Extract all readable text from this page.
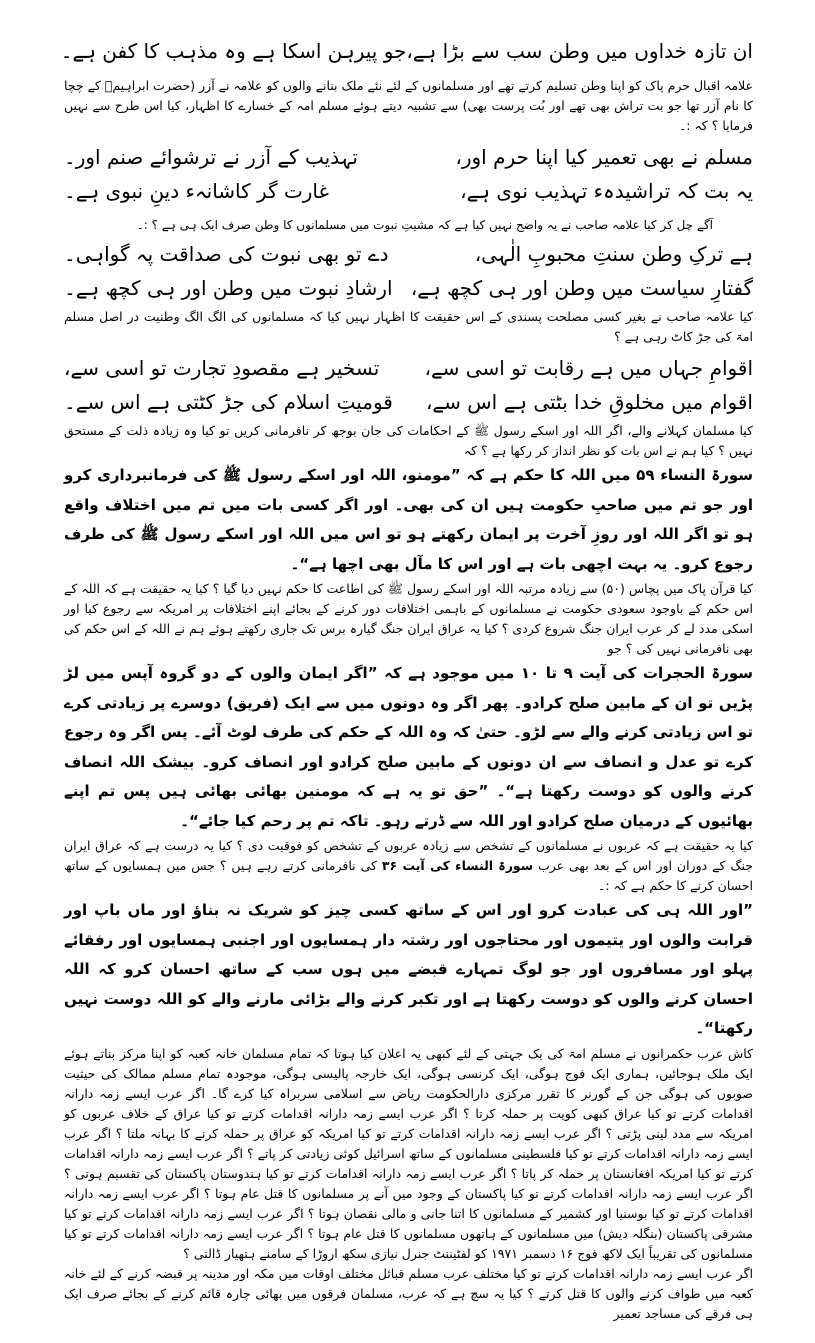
ان تازہ خداوں میں وطن سب سے بڑا ہے،
جو پیرہن اسکا ہے وہ مذہب کا کفن ہے۔

علامہ اقبال حرم پاک کو اپنا وطن تسلیم کرتے تھے اور مسلمانوں کے لئے نئے ملک بنانے والوں کو علامہ نے آزر (حضرت ابراہیمؑ کے چچا کا نام آزر تھا جو بت تراش بھی تھے اور بُت پرست بھی) سے تشبیہ دیتے ہوئے مسلم امہ کے خسارے کا اظہار، کیا اس طرح سے نہیں فرمایا ؟ کہ :۔

مسلم نے بھی تعمیر کیا اپنا حرم اور،
تہذیب کے آزر نے ترشوائے صنم اور۔
یہ بت کہ تراشیدہء تہذیب نوی ہے،
غارت گر کاشانہء دینِ نبوی ہے۔

آگے چل کر کیا علامہ صاحب نے یہ واضح نہیں کیا ہے کہ مشیتِ نبوت میں مسلمانوں کا وطن صرف ایک ہی ہے ؟ :۔

ہے ترکِ وطن سنتِ محبوبِ الٰہی،
دے تو بھی نبوت کی صداقت پہ گواہی۔
گفتارِ سیاست میں وطن اور ہی کچھ ہے،
ارشادِ نبوت میں وطن اور ہی کچھ ہے۔

کیا علامہ صاحب نے بغیر کسی مصلحت پسندی کے اس حقیقت کا اظہار نہیں کیا کہ مسلمانوں کی الگ الگ وطنیت در اصل مسلم امۃ کی جڑ کاٹ رہی ہے ؟

اقوامِ جہاں میں ہے رقابت تو اسی سے،
تسخیر ہے مقصودِ تجارت تو اسی سے،
اقوام میں مخلوقِ خدا بٹتی ہے اس سے،
قومیتِ اسلام کی جڑ کٹتی ہے اس سے۔

کیا مسلمان کہلانے والے، اگر اللہ اور اسکے رسول ﷺ کے احکامات کی جان بوجھ کر نافرمانی کریں تو کیا وہ زیادہ ذلت کے مستحق نہیں ؟ کیا ہم نے اس بات کو نظر انداز کر رکھا ہے ؟ کہ

سورۃ النساء ۵۹ میں اللہ کا حکم ہے کہ ”مومنو، اللہ اور اسکے رسول ﷺ کی فرمانبرداری کرو اور جو تم میں صاحبِ حکومت ہیں ان کی بھی۔ اور اگر کسی بات میں تم میں اختلاف واقع ہو تو اگر اللہ اور روزِ آخرت پر ایمان رکھتے ہو تو اس میں اللہ اور اسکے رسول ﷺ کی طرف رجوع کرو۔ یہ بہت اچھی بات ہے اور اس کا مآل بھی اچھا ہے“۔

کیا قرآن پاک میں پچاس (۵۰) سے زیادہ مرتبہ اللہ اور اسکے رسول ﷺ کی اطاعت کا حکم نہیں دیا گیا ؟ کیا یہ حقیقت ہے کہ اللہ کے اس حکم کے باوجود سعودی حکومت نے مسلمانوں کے باہمی اختلافات دور کرنے کے بجائے اپنے اختلافات پر امریکہ سے رجوع کیا اور اسکی مدد لے کر عرب ایران جنگ شروع کردی ؟ کیا یہ عراق ایران جنگ گیارہ برس تک جاری رکھتے ہوئے ہم نے اللہ کے اس حکم کی بھی نافرمانی نہیں کی ؟ جو

سورۃ الحجرات کی آیت ۹ تا ۱۰ میں موجود ہے کہ ”اگر ایمان والوں کے دو گروہ آپس میں لڑ پڑیں تو ان کے مابین صلح کرادو۔ پھر اگر وہ دونوں میں سے ایک (فریق) دوسرے پر زیادتی کرے تو اس زیادتی کرنے والے سے لڑو۔ حتیٰ کہ وہ اللہ کے حکم کی طرف لوٹ آئے۔ پس اگر وہ رجوع کرے تو عدل و انصاف سے ان دونوں کے مابین صلح کرادو اور انصاف کرو۔ بیشک اللہ انصاف کرنے والوں کو دوست رکھتا ہے“۔ ”حق تو یہ ہے کہ مومنین بھائی بھائی ہیں پس تم اپنے بھائیوں کے درمیان صلح کرادو اور اللہ سے ڈرتے رہو۔ تاکہ تم پر رحم کیا جائے“۔

کیا یہ حقیقت ہے کہ عربوں نے مسلمانوں کے تشخص سے زیادہ عربوں کے تشخص کو فوقیت دی ؟ کیا یہ درست ہے کہ عراق ایران جنگ کے دوران اور اس کے بعد بھی عرب سورۃ النساء کی آیت ۳۶ کی نافرمانی کرتے رہے ہیں ؟ جس میں ہمسایوں کے ساتھ احسان کرنے کا حکم ہے کہ :۔

”اور اللہ ہی کی عبادت کرو اور اس کے ساتھ کسی چیز کو شریک نہ بناؤ اور ماں باپ اور قرابت والوں اور یتیموں اور محتاجوں اور رشتہ دار ہمسایوں اور اجنبی ہمسایوں اور رفقائے پہلو اور مسافروں اور جو لوگ تمہارے قبضے میں ہوں سب کے ساتھ احسان کرو کہ اللہ احسان کرنے والوں کو دوست رکھتا ہے اور تکبر کرنے والے بڑائی مارنے والے کو اللہ دوست نہیں رکھتا“۔

کاش عرب حکمرانوں نے مسلم امۃ کی یک جہتی کے لئے کبھی یہ اعلان کیا ہوتا کہ تمام مسلمان خانہ کعبہ کو اپنا مرکز بناتے ہوئے ایک ملک ہوجائیں، ہماری ایک فوج ہوگی، ایک کرنسی ہوگی، ایک خارجہ پالیسی ہوگی، موجودہ تمام مسلم ممالک کی حیثیت صوبوں کی ہوگی جن کے گورنر کا تقرر مرکزی دارالحکومت ریاض سے اسلامی سربراہ کیا کرے گا۔ اگر عرب ایسے زمہ دارانہ اقدامات کرتے تو کیا عراق کبھی کویت پر حملہ کرتا ؟ اگر عرب ایسے زمہ دارانہ اقدامات کرتے تو کیا عراق کے خلاف عربوں کو امریکہ سے مدد لینی پڑتی ؟ اگر عرب ایسے زمہ دارانہ اقدامات کرتے تو کیا امریکہ کو عراق پر حملہ کرنے کا بہانہ ملتا ؟ اگر عرب ایسے زمہ دارانہ اقدامات کرتے تو کیا فلسطینی مسلمانوں کے ساتھ اسرائیل کوئی زیادتی کر پاتے ؟ اگر عرب ایسے زمہ دارانہ اقدامات کرتے تو کیا امریکہ افغانستان پر حملہ کر پاتا ؟ اگر عرب ایسے زمہ دارانہ اقدامات کرتے تو کیا ہندوستان پاکستان کی تقسیم ہوتی ؟ اگر عرب ایسے زمہ دارانہ اقدامات کرتے تو کیا پاکستان کے وجود میں آنے پر مسلمانوں کا قتل عام ہوتا ؟ اگر عرب ایسے زمہ دارانہ اقدامات کرتے تو کیا بوسنیا اور کشمیر کے مسلمانوں کا اتنا جانی و مالی نقصان ہوتا ؟ اگر عرب ایسے زمہ دارانہ اقدامات کرتے تو کیا مشرقی پاکستان (بنگلہ دیش) میں مسلمانوں کے ہاتھوں مسلمانوں کا قتل عام ہوتا ؟ اگر عرب ایسے زمہ دارانہ اقدامات کرتے تو کیا مسلمانوں کی تقریباً ایک لاکھ فوج ۱۶ دسمبر ۱۹۷۱ کو لفٹیننٹ جنرل نیازی سکھ اروڑا کے سامنے ہتھیار ڈالتی ؟

اگر عرب ایسے زمہ دارانہ اقدامات کرتے تو کیا مختلف عرب مسلم قبائل مختلف اوقات میں مکہ اور مدینہ پر قبضہ کرنے کے لئے خانہ کعبہ میں طواف کرنے والوں کا قتل کرتے ؟ کیا یہ سچ ہے کہ عرب، مسلمان فرقوں میں بھائی چارہ قائم کرنے کے بجائے صرف ایک ہی فرقے کی مساجد تعمیر
